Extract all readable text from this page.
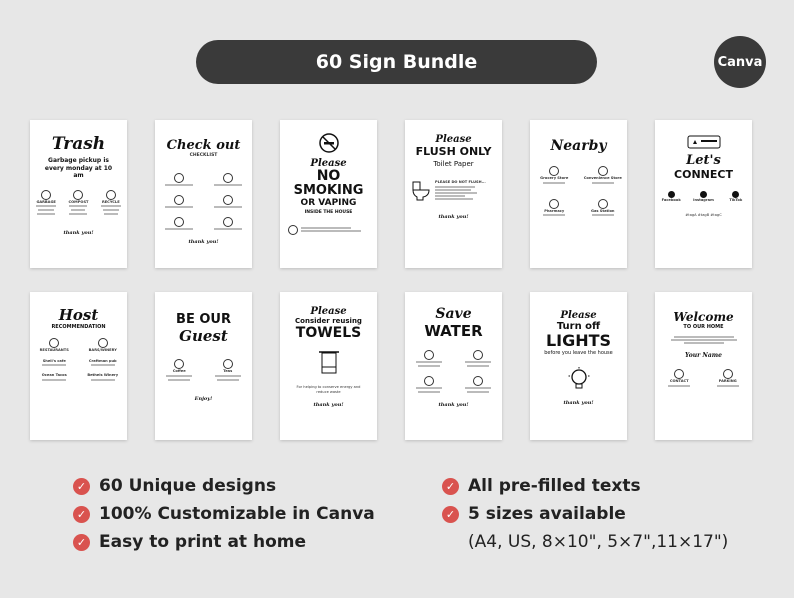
60 Sign Bundle	Canva
Trash
Garbage pickup is every monday at 10 am
GARBAGE	COMPOST	RECYCLE
thank you!
Check out
CHECKLIST
thank you!
Please
NO
SMOKING
OR VAPING
INSIDE THE HOUSE
Please
FLUSH ONLY
Toilet Paper
PLEASE DO NOT FLUSH...
thank you!
Nearby
Grocery Store	Convenience Store
Pharmacy	Gas Station
Let's
CONNECT
Facebook	Instagram	TikTok
#tagA #tagB #tagC
Host
RECOMMENDATION
RESTAURANTS	BARS/WINERY
Shell's cafe	Craftman pub
Ocean Tacos	Bethels Winery
BE OUR
Guest
Coffee	Teas
Enjoy!
Please
Consider reusing
TOWELS
For helping to conserve energy and reduce waste
thank you!
Save
WATER
thank you!
Please
Turn off
LIGHTS
before you leave the house
thank you!
Welcome
TO OUR HOME
Your Name
CONTACT	PARKING
✓ 60 Unique designs
✓ 100% Customizable in Canva
✓ Easy to print at home
✓ All pre-filled texts
✓ 5 sizes available
(A4, US, 8×10", 5×7",11×17")
